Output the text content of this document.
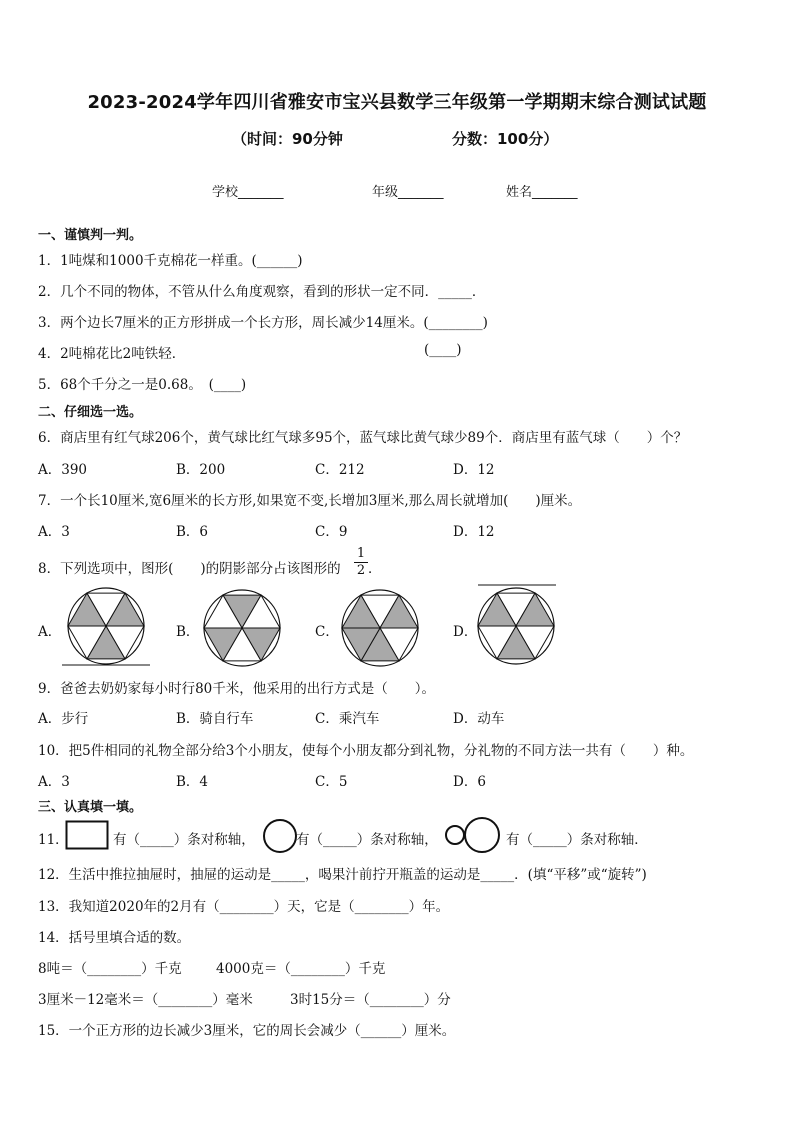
2023-2024学年四川省雅安市宝兴县数学三年级第一学期期末综合测试试题
（时间：90分钟	分数：100分）
学校_______	年级_______	姓名_______
一、谨慎判一判。
1．1吨煤和1000千克棉花一样重。(______)
2．几个不同的物体，不管从什么角度观察，看到的形状一定不同．_____．
3．两个边长7厘米的正方形拼成一个长方形，周长减少14厘米。(________)
4．2吨棉花比2吨铁轻．	(____)
5．68个千分之一是0.68。　(____)
二、仔细选一选。
6．商店里有红气球206个，黄气球比红气球多95个，蓝气球比黄气球少89个．商店里有蓝气球（　　）个？
A．390	B．200	C．212	D．12
7．一个长10厘米,宽6厘米的长方形,如果宽不变,长增加3厘米,那么周长就增加(　　)厘米。
A．3	B．6	C．9	D．12
8．下列选项中，图形(　　)的阴影部分占该图形的
1
2 ．
A．	B．	C．	D．
9．爸爸去奶奶家每小时行80千米，他采用的出行方式是（　　）。
A．步行	B．骑自行车	C．乘汽车	D．动车
10．把5件相同的礼物全部分给3个小朋友，使每个小朋友都分到礼物，分礼物的不同方法一共有（　　）种。
A．3	B．4	C．5	D．6
三、认真填一填。
11．	有（_____）条对称轴，	有（_____）条对称轴，	有（_____）条对称轴．
12．生活中推拉抽屉时，抽屉的运动是_____，喝果汁前拧开瓶盖的运动是_____．(填“平移”或“旋转”)
13．我知道2020年的2月有（________）天，它是（________）年。
14．括号里填合适的数。
8吨＝（________）千克	4000克＝（________）千克
3厘米－12毫米＝（________）毫米	3时15分＝（________）分
15．一个正方形的边长减少3厘米，它的周长会减少（______）厘米。
